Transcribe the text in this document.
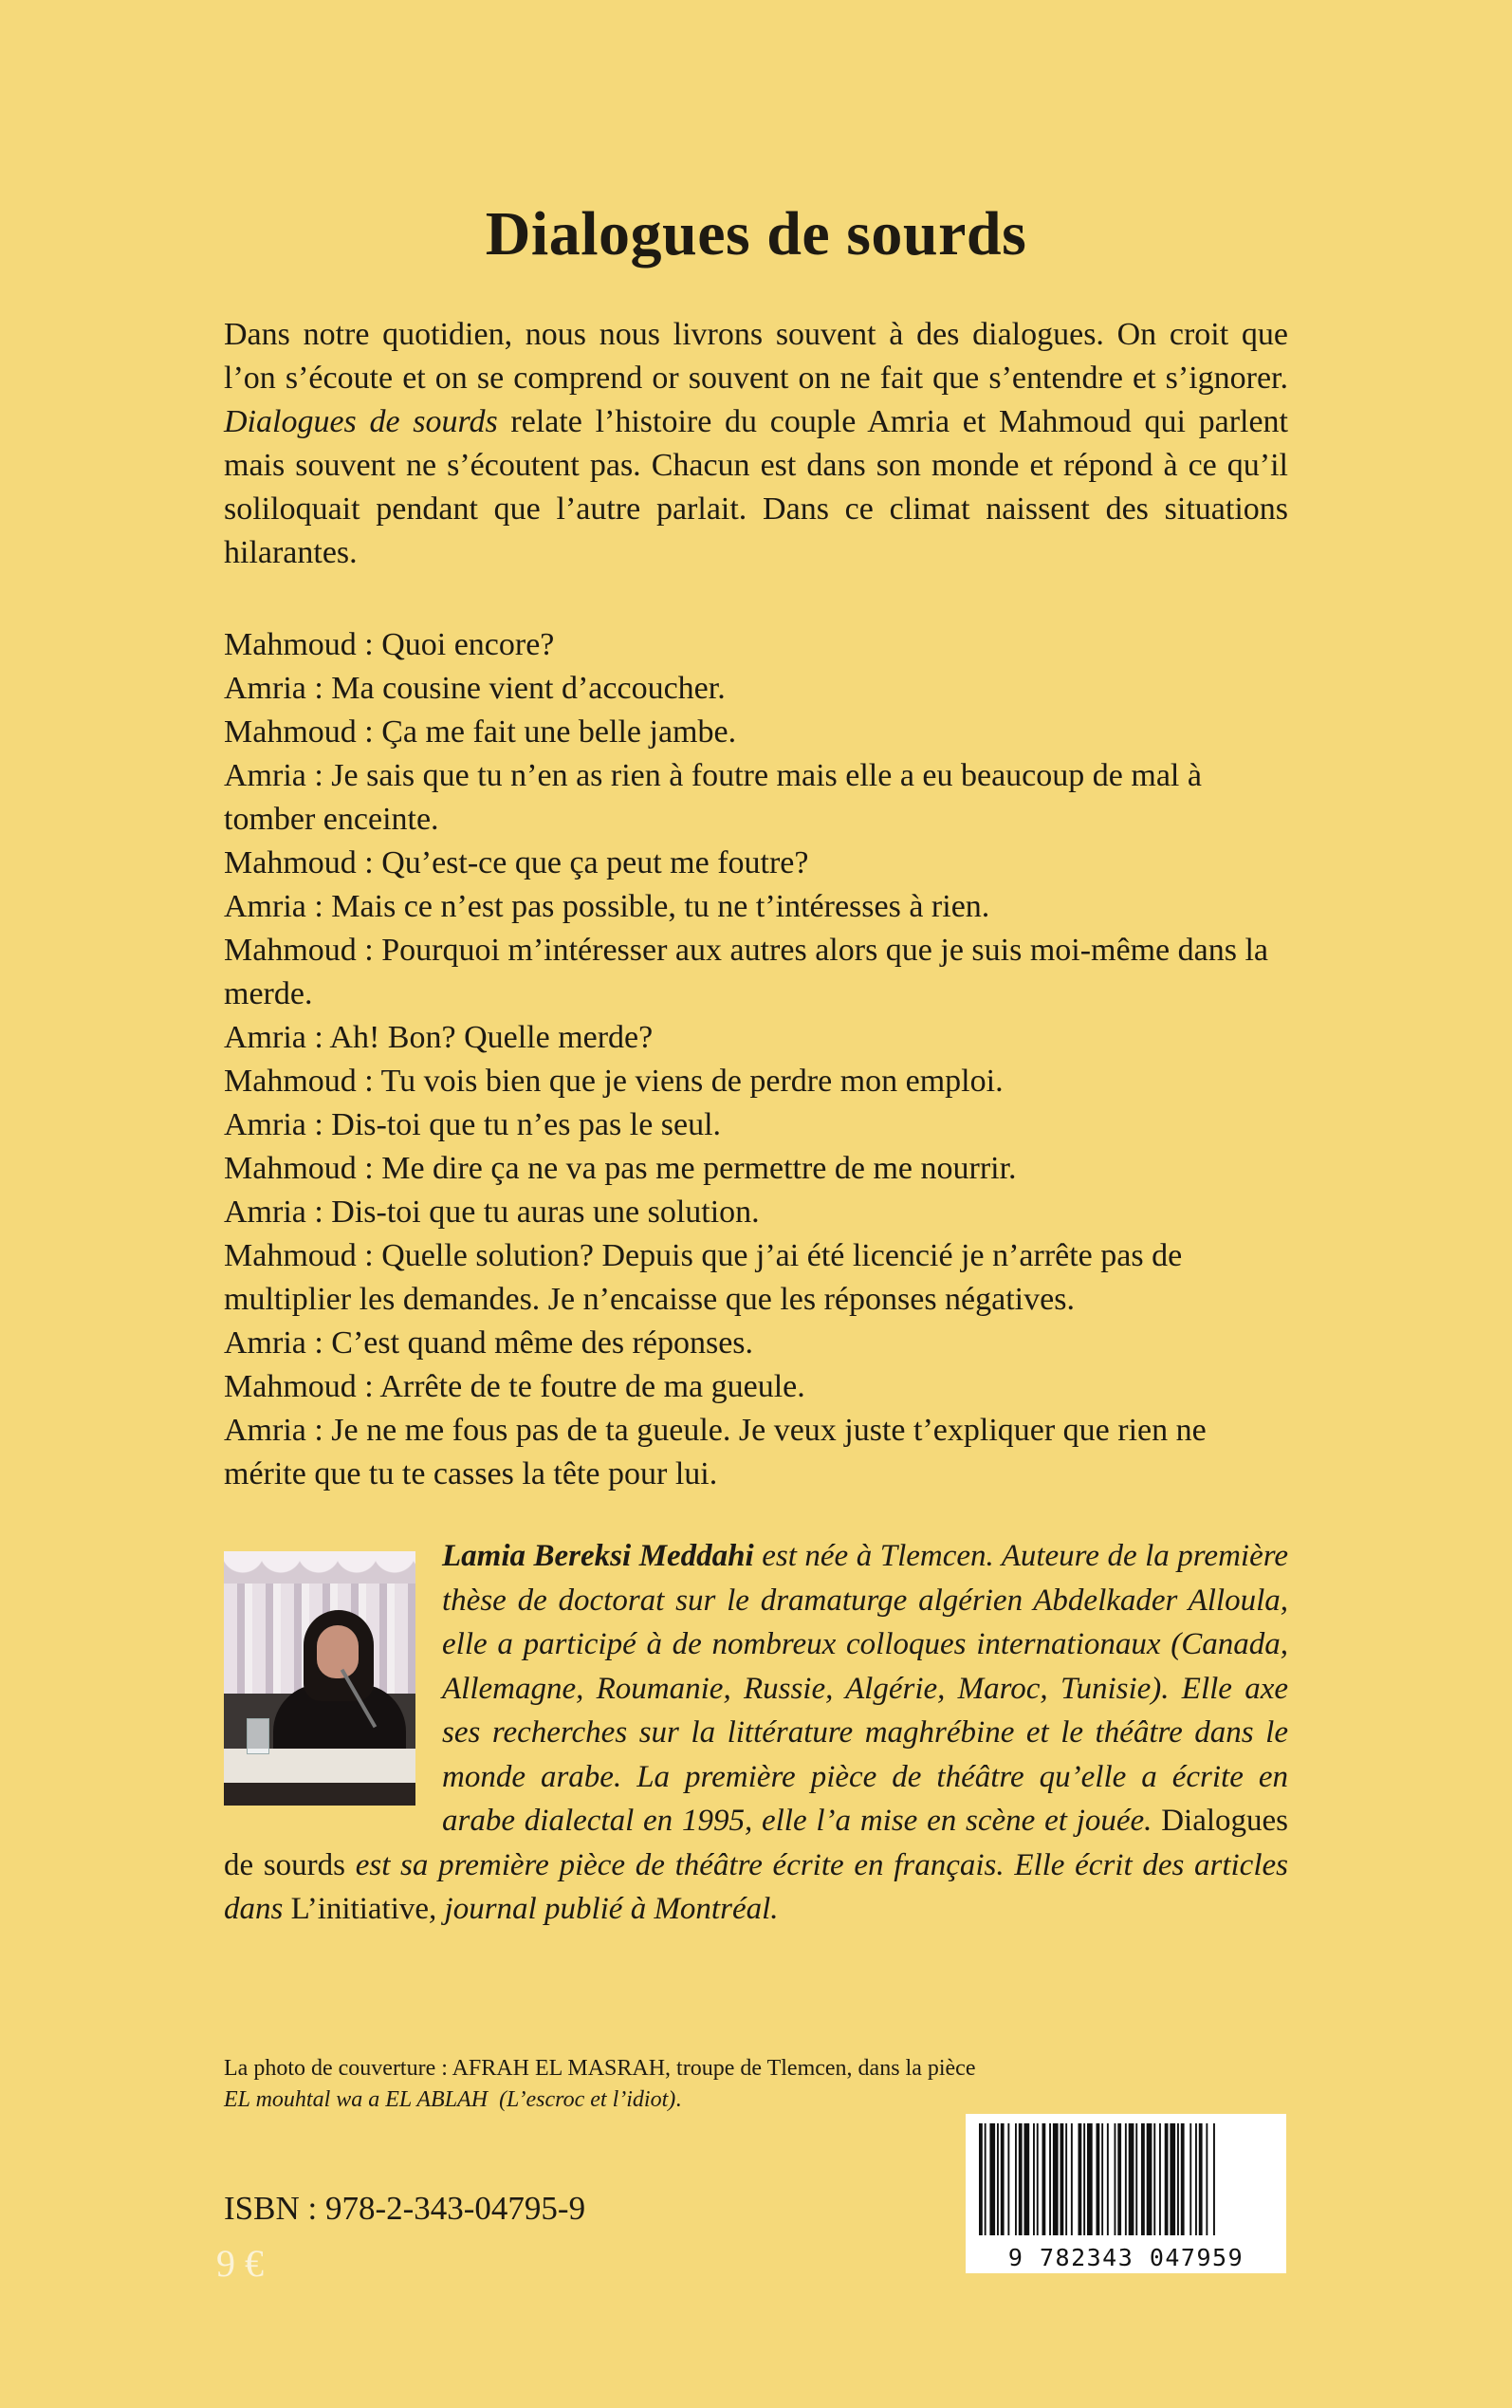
Dialogues de sourds
Dans notre quotidien, nous nous livrons souvent à des dialogues. On croit que l’on s’écoute et on se comprend or souvent on ne fait que s’entendre et s’ignorer. Dialogues de sourds relate l’histoire du couple Amria et Mahmoud qui parlent mais souvent ne s’écoutent pas. Chacun est dans son monde et répond à ce qu’il soliloquait pendant que l’autre parlait. Dans ce climat naissent des situations hilarantes.

Mahmoud : Quoi encore?

Amria : Ma cousine vient d’accoucher.

Mahmoud : Ça me fait une belle jambe.

Amria : Je sais que tu n’en as rien à foutre mais elle a eu beaucoup de mal à tomber enceinte.

Mahmoud : Qu’est-ce que ça peut me foutre?

Amria : Mais ce n’est pas possible, tu ne t’intéresses à rien.

Mahmoud : Pourquoi m’intéresser aux autres alors que je suis moi-même dans la merde.

Amria : Ah! Bon? Quelle merde?

Mahmoud : Tu vois bien que je viens de perdre mon emploi.

Amria : Dis-toi que tu n’es pas le seul.

Mahmoud : Me dire ça ne va pas me permettre de me nourrir.

Amria : Dis-toi que tu auras une solution.

Mahmoud : Quelle solution? Depuis que j’ai été licencié je n’arrête pas de multiplier les demandes. Je n’encaisse que les réponses négatives.

Amria : C’est quand même des réponses.

Mahmoud : Arrête de te foutre de ma gueule.

Amria : Je ne me fous pas de ta gueule. Je veux juste t’expliquer que rien ne mérite que tu te casses la tête pour lui.

Lamia Bereksi Meddahi est née à Tlemcen. Auteure de la première thèse de doctorat sur le dramaturge algérien Abdelkader Alloula, elle a participé à de nombreux colloques internationaux (Canada, Allemagne, Roumanie, Russie, Algérie, Maroc, Tunisie). Elle axe ses recherches sur la littérature maghrébine et le théâtre dans le monde arabe. La première pièce de théâtre qu’elle a écrite en arabe dialectal en 1995, elle l’a mise en scène et jouée. Dialogues de sourds est sa première pièce de théâtre écrite en français. Elle écrit des articles dans L’initiative, journal publié à Montréal.

La photo de couverture : AFRAH EL MASRAH, troupe de Tlemcen, dans la pièce

EL mouhtal wa a EL ABLAH (L’escroc et l’idiot).

ISBN : 978-2-343-04795-9
9 €	9 782343 047959
